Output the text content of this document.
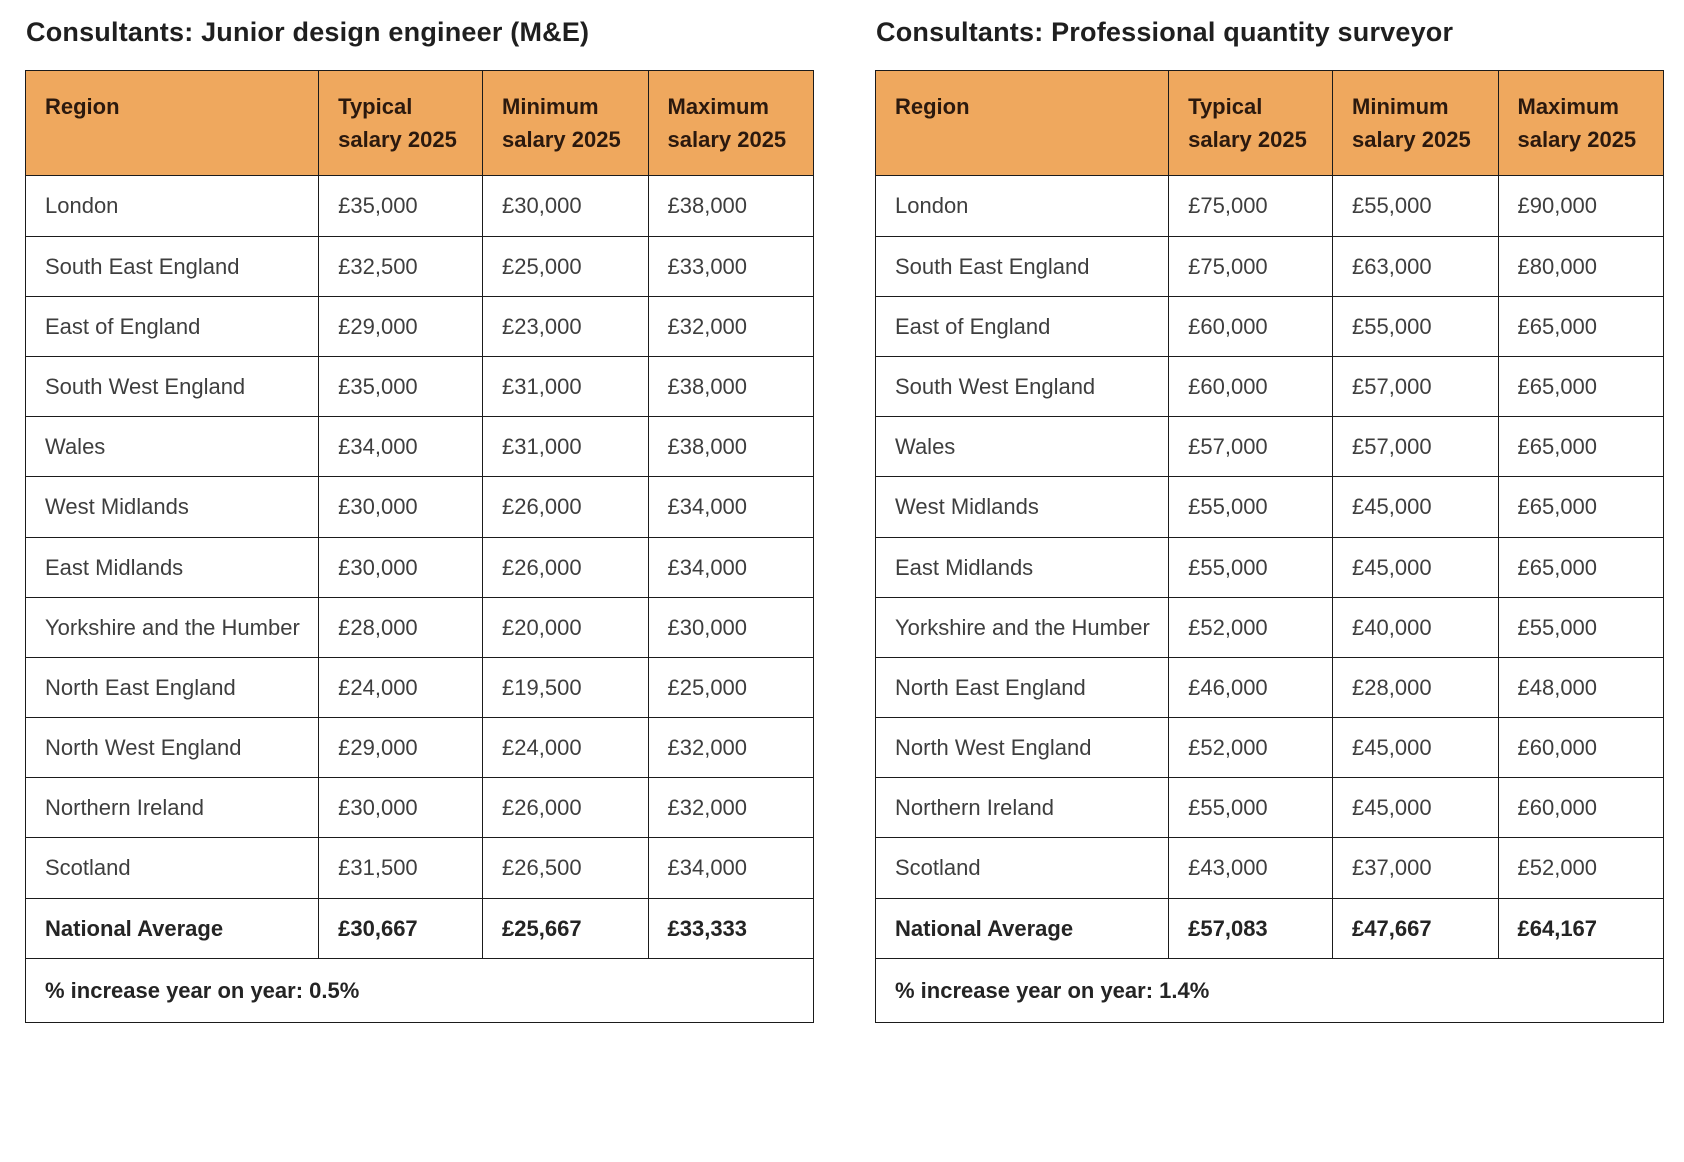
Consultants: Junior design engineer (M&E)
Region	Typical salary 2025	Minimum salary 2025	Maximum salary 2025
London	£35,000	£30,000	£38,000
South East England	£32,500	£25,000	£33,000
East of England	£29,000	£23,000	£32,000
South West England	£35,000	£31,000	£38,000
Wales	£34,000	£31,000	£38,000
West Midlands	£30,000	£26,000	£34,000
East Midlands	£30,000	£26,000	£34,000
Yorkshire and the Humber	£28,000	£20,000	£30,000
North East England	£24,000	£19,500	£25,000
North West England	£29,000	£24,000	£32,000
Northern Ireland	£30,000	£26,000	£32,000
Scotland	£31,500	£26,500	£34,000
National Average	£30,667	£25,667	£33,333
% increase year on year: 0.5%			
Consultants: Professional quantity surveyor
Region	Typical salary 2025	Minimum salary 2025	Maximum salary 2025
London	£75,000	£55,000	£90,000
South East England	£75,000	£63,000	£80,000
East of England	£60,000	£55,000	£65,000
South West England	£60,000	£57,000	£65,000
Wales	£57,000	£57,000	£65,000
West Midlands	£55,000	£45,000	£65,000
East Midlands	£55,000	£45,000	£65,000
Yorkshire and the Humber	£52,000	£40,000	£55,000
North East England	£46,000	£28,000	£48,000
North West England	£52,000	£45,000	£60,000
Northern Ireland	£55,000	£45,000	£60,000
Scotland	£43,000	£37,000	£52,000
National Average	£57,083	£47,667	£64,167
% increase year on year: 1.4%			
